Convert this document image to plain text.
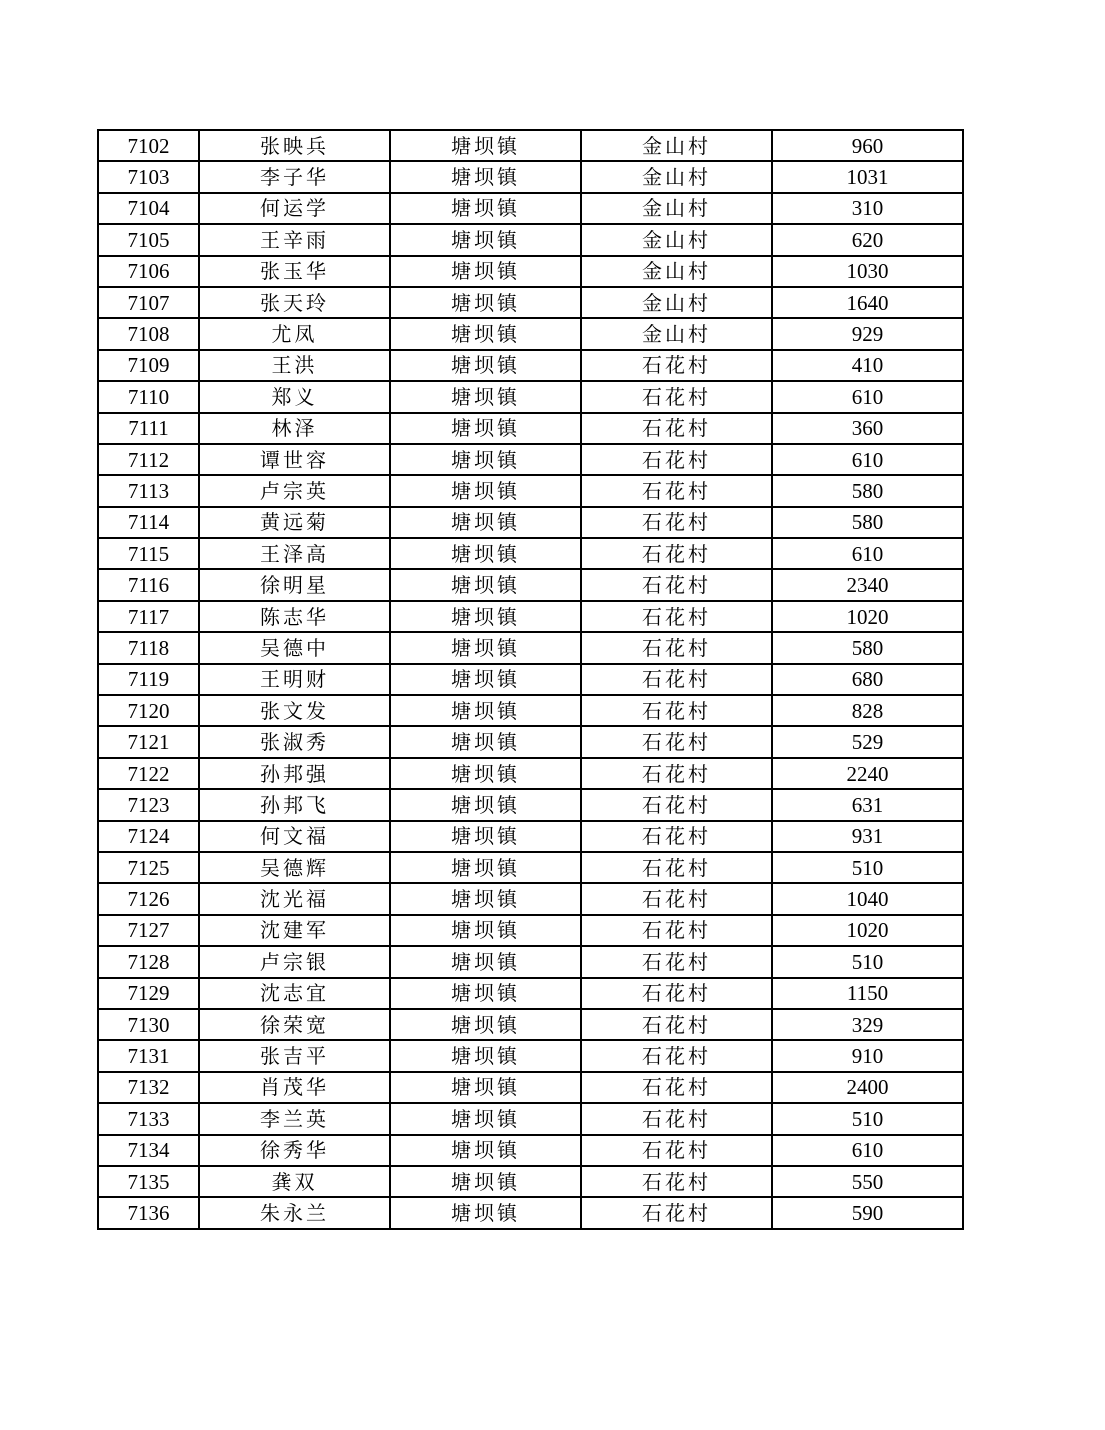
7102	张映兵	塘坝镇	金山村	960
7103	李子华	塘坝镇	金山村	1031
7104	何运学	塘坝镇	金山村	310
7105	王辛雨	塘坝镇	金山村	620
7106	张玉华	塘坝镇	金山村	1030
7107	张天玲	塘坝镇	金山村	1640
7108	尤凤	塘坝镇	金山村	929
7109	王洪	塘坝镇	石花村	410
7110	郑义	塘坝镇	石花村	610
7111	林泽	塘坝镇	石花村	360
7112	谭世容	塘坝镇	石花村	610
7113	卢宗英	塘坝镇	石花村	580
7114	黄远菊	塘坝镇	石花村	580
7115	王泽高	塘坝镇	石花村	610
7116	徐明星	塘坝镇	石花村	2340
7117	陈志华	塘坝镇	石花村	1020
7118	吴德中	塘坝镇	石花村	580
7119	王明财	塘坝镇	石花村	680
7120	张文发	塘坝镇	石花村	828
7121	张淑秀	塘坝镇	石花村	529
7122	孙邦强	塘坝镇	石花村	2240
7123	孙邦飞	塘坝镇	石花村	631
7124	何文福	塘坝镇	石花村	931
7125	吴德辉	塘坝镇	石花村	510
7126	沈光福	塘坝镇	石花村	1040
7127	沈建军	塘坝镇	石花村	1020
7128	卢宗银	塘坝镇	石花村	510
7129	沈志宜	塘坝镇	石花村	1150
7130	徐荣宽	塘坝镇	石花村	329
7131	张吉平	塘坝镇	石花村	910
7132	肖茂华	塘坝镇	石花村	2400
7133	李兰英	塘坝镇	石花村	510
7134	徐秀华	塘坝镇	石花村	610
7135	龚双	塘坝镇	石花村	550
7136	朱永兰	塘坝镇	石花村	590
